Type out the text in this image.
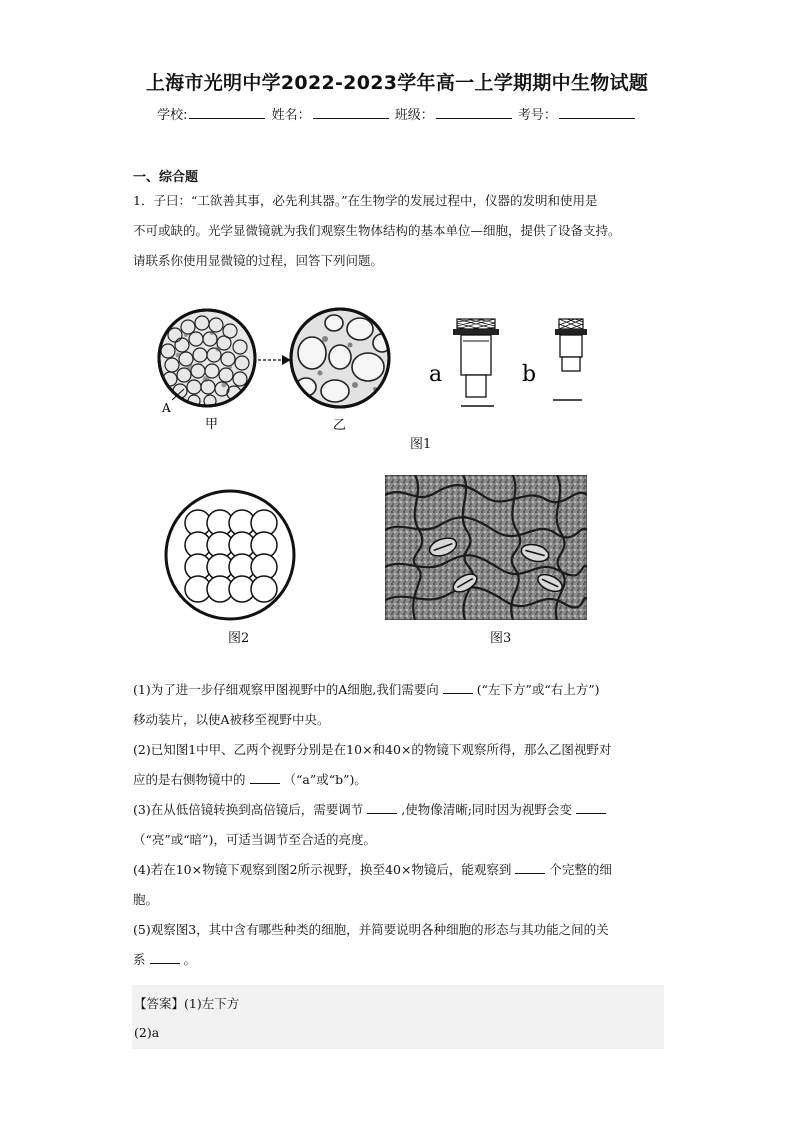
上海市光明中学2022-2023学年高一上学期期中生物试题
学校:	姓名：	班级：	考号：
一、综合题
1．子曰：“工欲善其事，必先利其器。”在生物学的发展过程中，仪器的发明和使用是
不可或缺的。光学显微镜就为我们观察生物体结构的基本单位—细胞，提供了设备支持。
请联系你使用显微镜的过程，回答下列问题。
A
甲	乙
a	b
图1
图2	图3
(1)为了进一步仔细观察甲图视野中的A细胞,我们需要向	(“左下方”或“右上方”)
移动装片，以使A被移至视野中央。
(2)已知图1中甲、乙两个视野分别是在10×和40×的物镜下观察所得，那么乙图视野对
应的是右侧物镜中的	（“a”或“b”)。
(3)在从低倍镜转换到高倍镜后，需要调节	,使物像清晰;同时因为视野会变
（“亮”或“暗”)，可适当调节至合适的亮度。
(4)若在10×物镜下观察到图2所示视野，换至40×物镜后，能观察到	个完整的细
胞。
(5)观察图3，其中含有哪些种类的细胞，并简要说明各种细胞的形态与其功能之间的关
系	。
【答案】(1)左下方
(2)a
